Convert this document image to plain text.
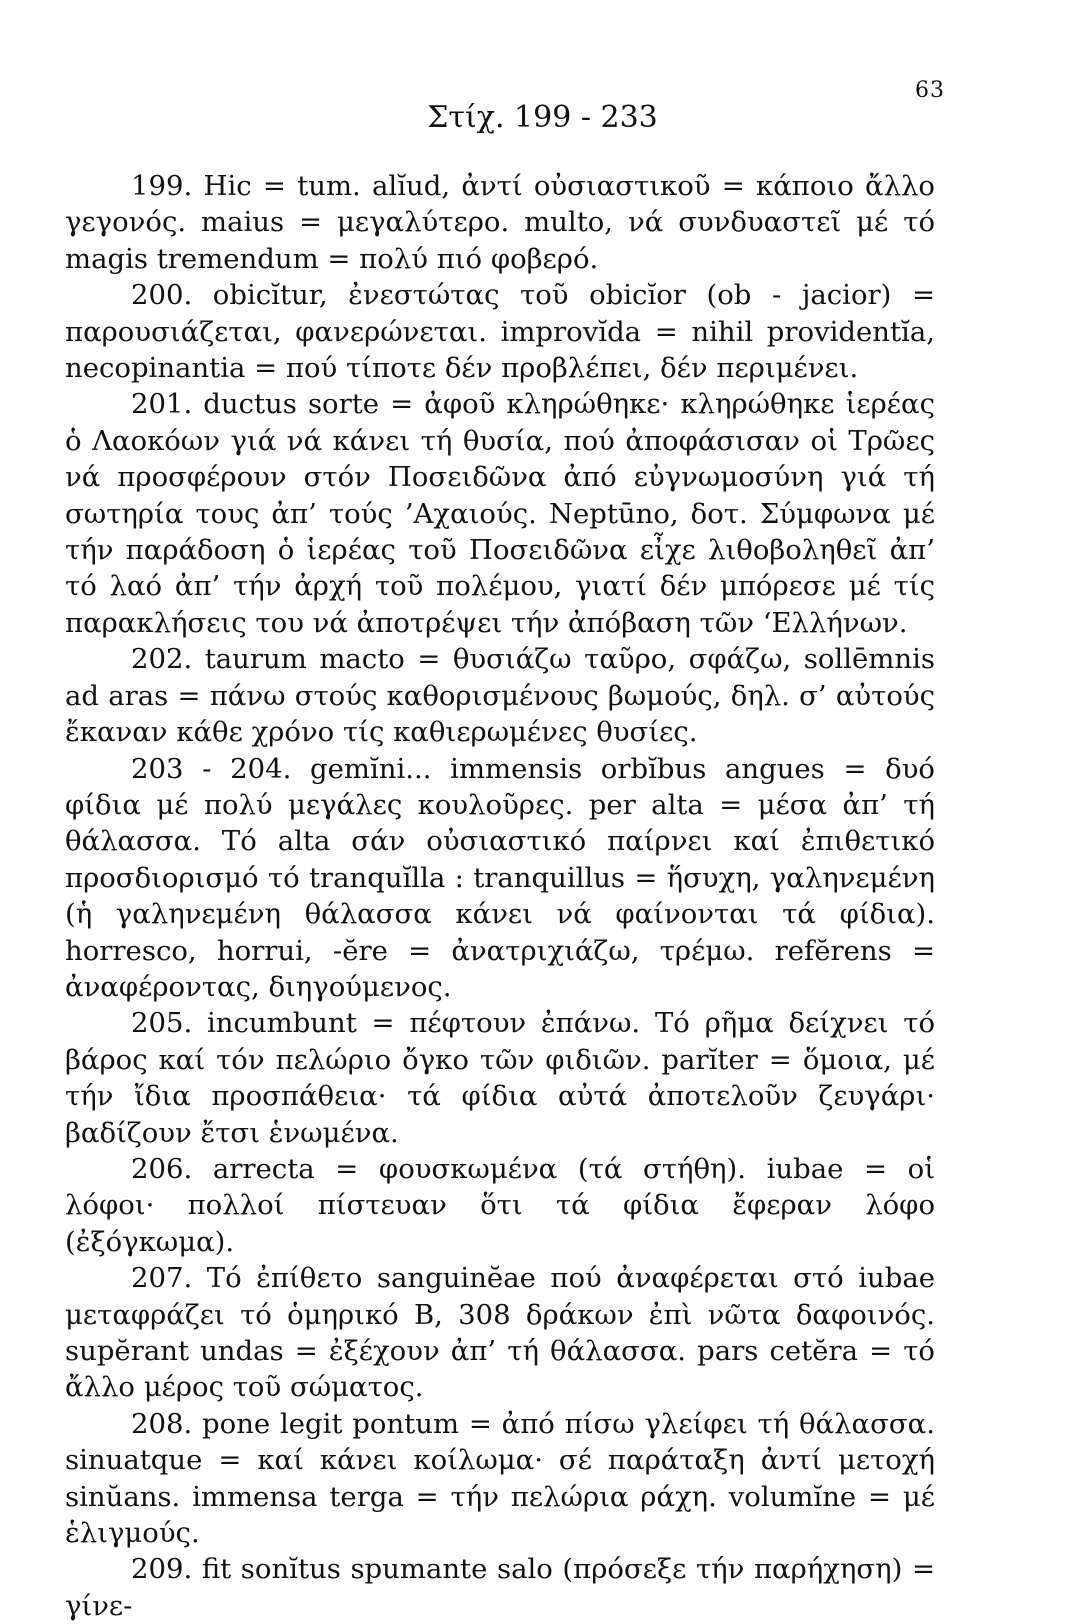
63
Στίχ. 199 - 233

199. Hic = tum. alĭud, ἀντί οὐσιαστικοῦ = κάποιο ἄλλο γεγονός. maius = μεγαλύτερο. multo, νά συνδυαστεῖ μέ τό magis tremendum = πολύ πιό φοβερό.

200. obicĭtur, ἐνεστώτας τοῦ obicĭor (ob - jacior) = παρουσιάζεται, φανερώνεται. improvĭda = nihil providentĭa, necopinantia = πού τίποτε δέν προβλέπει, δέν περιμένει.

201. ductus sorte = ἀφοῦ κληρώθηκε· κληρώθηκε ἱερέας ὁ Λαοκόων γιά νά κάνει τή θυσία, πού ἀποφάσισαν οἱ Τρῶες νά προσφέρουν στόν Ποσειδῶνα ἀπό εὐγνωμοσύνη γιά τή σωτηρία τους ἀπ’ τούς ’Αχαιούς. Neptūno, δοτ. Σύμφωνα μέ τήν παράδοση ὁ ἱερέας τοῦ Ποσειδῶνα εἶχε λιθοβοληθεῖ ἀπ’ τό λαό ἀπ’ τήν ἀρχή τοῦ πολέμου, γιατί δέν μπόρεσε μέ τίς παρακλήσεις του νά ἀποτρέψει τήν ἀπόβαση τῶν ‘Ελλήνων.

202. taurum macto = θυσιάζω ταῦρο, σφάζω, sollēmnis ad aras = πάνω στούς καθορισμένους βωμούς, δηλ. σ’ αὐτούς ἔκαναν κάθε χρόνο τίς καθιερωμένες θυσίες.

203 - 204. gemĭni... immensis orbĭbus angues = δυό φίδια μέ πολύ μεγάλες κουλοῦρες. per alta = μέσα ἀπ’ τή θάλασσα. Τό alta σάν οὐσιαστικό παίρνει καί ἐπιθετικό προσδιορισμό τό tranquĭlla : tranquillus = ἥσυχη, γαληνεμένη (ἡ γαληνεμένη θάλασσα κάνει νά φαίνονται τά φίδια). horresco, horrui, -ĕre = ἀνατριχιάζω, τρέμω. refĕrens = ἀναφέροντας, διηγούμενος.

205. incumbunt = πέφτουν ἐπάνω. Τό ρῆμα δείχνει τό βάρος καί τόν πελώριο ὄγκο τῶν φιδιῶν. parĭter = ὅμοια, μέ τήν ἴδια προσπάθεια· τά φίδια αὐτά ἀποτελοῦν ζευγάρι· βαδίζουν ἔτσι ἑνωμένα.

206. arrecta = φουσκωμένα (τά στήθη). iubae = οἱ λόφοι· πολλοί πίστευαν ὅτι τά φίδια ἔφεραν λόφο (ἐξόγκωμα).

207. Τό ἐπίθετο sanguinĕae πού ἀναφέρεται στό iubae μεταφράζει τό ὁμηρικό Β, 308 δράκων ἐπὶ νῶτα δαφοινός. supĕrant undas = ἐξέχουν ἀπ’ τή θάλασσα. pars cetĕra = τό ἄλλο μέρος τοῦ σώματος.

208. pone legit pontum = ἀπό πίσω γλείφει τή θάλασσα. sinuatque = καί κάνει κοίλωμα· σέ παράταξη ἀντί μετοχή sinŭans. immensa terga = τήν πελώρια ράχη. volumĭne = μέ ἑλιγμούς.

209. fit sonĭtus spumante salo (πρόσεξε τήν παρήχηση) = γίνε-
